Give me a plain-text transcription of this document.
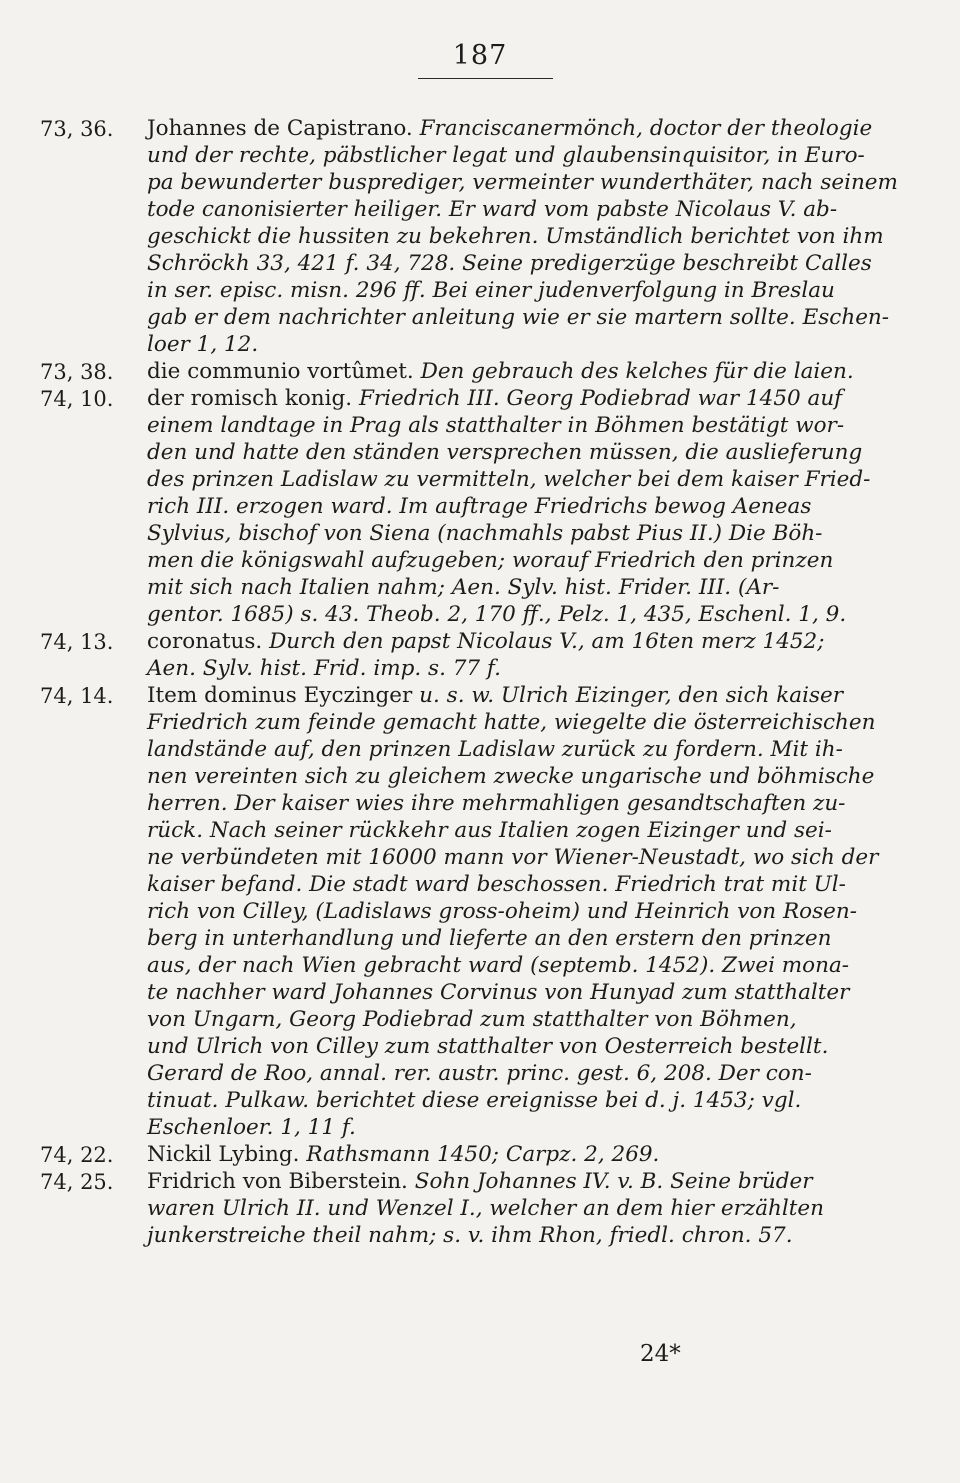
187
73, 36.	Johannes de Capistrano. Franciscanermönch, doctor der theologie
und der rechte, päbstlicher legat und glaubensinquisitor, in Euro-
pa bewunderter busprediger, vermeinter wunderthäter, nach seinem
tode canonisierter heiliger. Er ward vom pabste Nicolaus V. ab-
geschickt die hussiten zu bekehren. Umständlich berichtet von ihm
Schröckh 33, 421 f. 34, 728. Seine predigerzüge beschreibt Calles
in ser. episc. misn. 296 ff. Bei einer judenverfolgung in Breslau
gab er dem nachrichter anleitung wie er sie martern sollte. Eschen-
loer 1, 12.
73, 38.	die communio vortûmet. Den gebrauch des kelches für die laien.
74, 10.	der romisch konig. Friedrich III. Georg Podiebrad war 1450 auf
einem landtage in Prag als statthalter in Böhmen bestätigt wor-
den und hatte den ständen versprechen müssen, die auslieferung
des prinzen Ladislaw zu vermitteln, welcher bei dem kaiser Fried-
rich III. erzogen ward. Im auftrage Friedrichs bewog Aeneas
Sylvius, bischof von Siena (nachmahls pabst Pius II.) Die Böh-
men die königswahl aufzugeben; worauf Friedrich den prinzen
mit sich nach Italien nahm; Aen. Sylv. hist. Frider. III. (Ar-
gentor. 1685) s. 43. Theob. 2, 170 ff., Pelz. 1, 435, Eschenl. 1, 9.
74, 13.	coronatus. Durch den papst Nicolaus V., am 16ten merz 1452;
Aen. Sylv. hist. Frid. imp. s. 77 f.
74, 14.	Item dominus Eyczinger u. s. w. Ulrich Eizinger, den sich kaiser
Friedrich zum feinde gemacht hatte, wiegelte die österreichischen
landstände auf, den prinzen Ladislaw zurück zu fordern. Mit ih-
nen vereinten sich zu gleichem zwecke ungarische und böhmische
herren. Der kaiser wies ihre mehrmahligen gesandtschaften zu-
rück. Nach seiner rückkehr aus Italien zogen Eizinger und sei-
ne verbündeten mit 16000 mann vor Wiener-Neustadt, wo sich der
kaiser befand. Die stadt ward beschossen. Friedrich trat mit Ul-
rich von Cilley, (Ladislaws gross-oheim) und Heinrich von Rosen-
berg in unterhandlung und lieferte an den erstern den prinzen
aus, der nach Wien gebracht ward (septemb. 1452). Zwei monа-
te nachher ward Johannes Corvinus von Hunyad zum statthalter
von Ungarn, Georg Podiebrad zum statthalter von Böhmen,
und Ulrich von Cilley zum statthalter von Oesterreich bestellt.
Gerard de Roo, annal. rer. austr. princ. gest. 6, 208. Der con-
tinuat. Pulkaw. berichtet diese ereignisse bei d. j. 1453; vgl.
Eschenloer. 1, 11 f.
74, 22.	Nickil Lybing. Rathsmann 1450; Carpz. 2, 269.
74, 25.	Fridrich von Biberstein. Sohn Johannes IV. v. B. Seine brüder
waren Ulrich II. und Wenzel I., welcher an dem hier erzählten
junkerstreiche theil nahm; s. v. ihm Rhon, friedl. chron. 57.
24*
